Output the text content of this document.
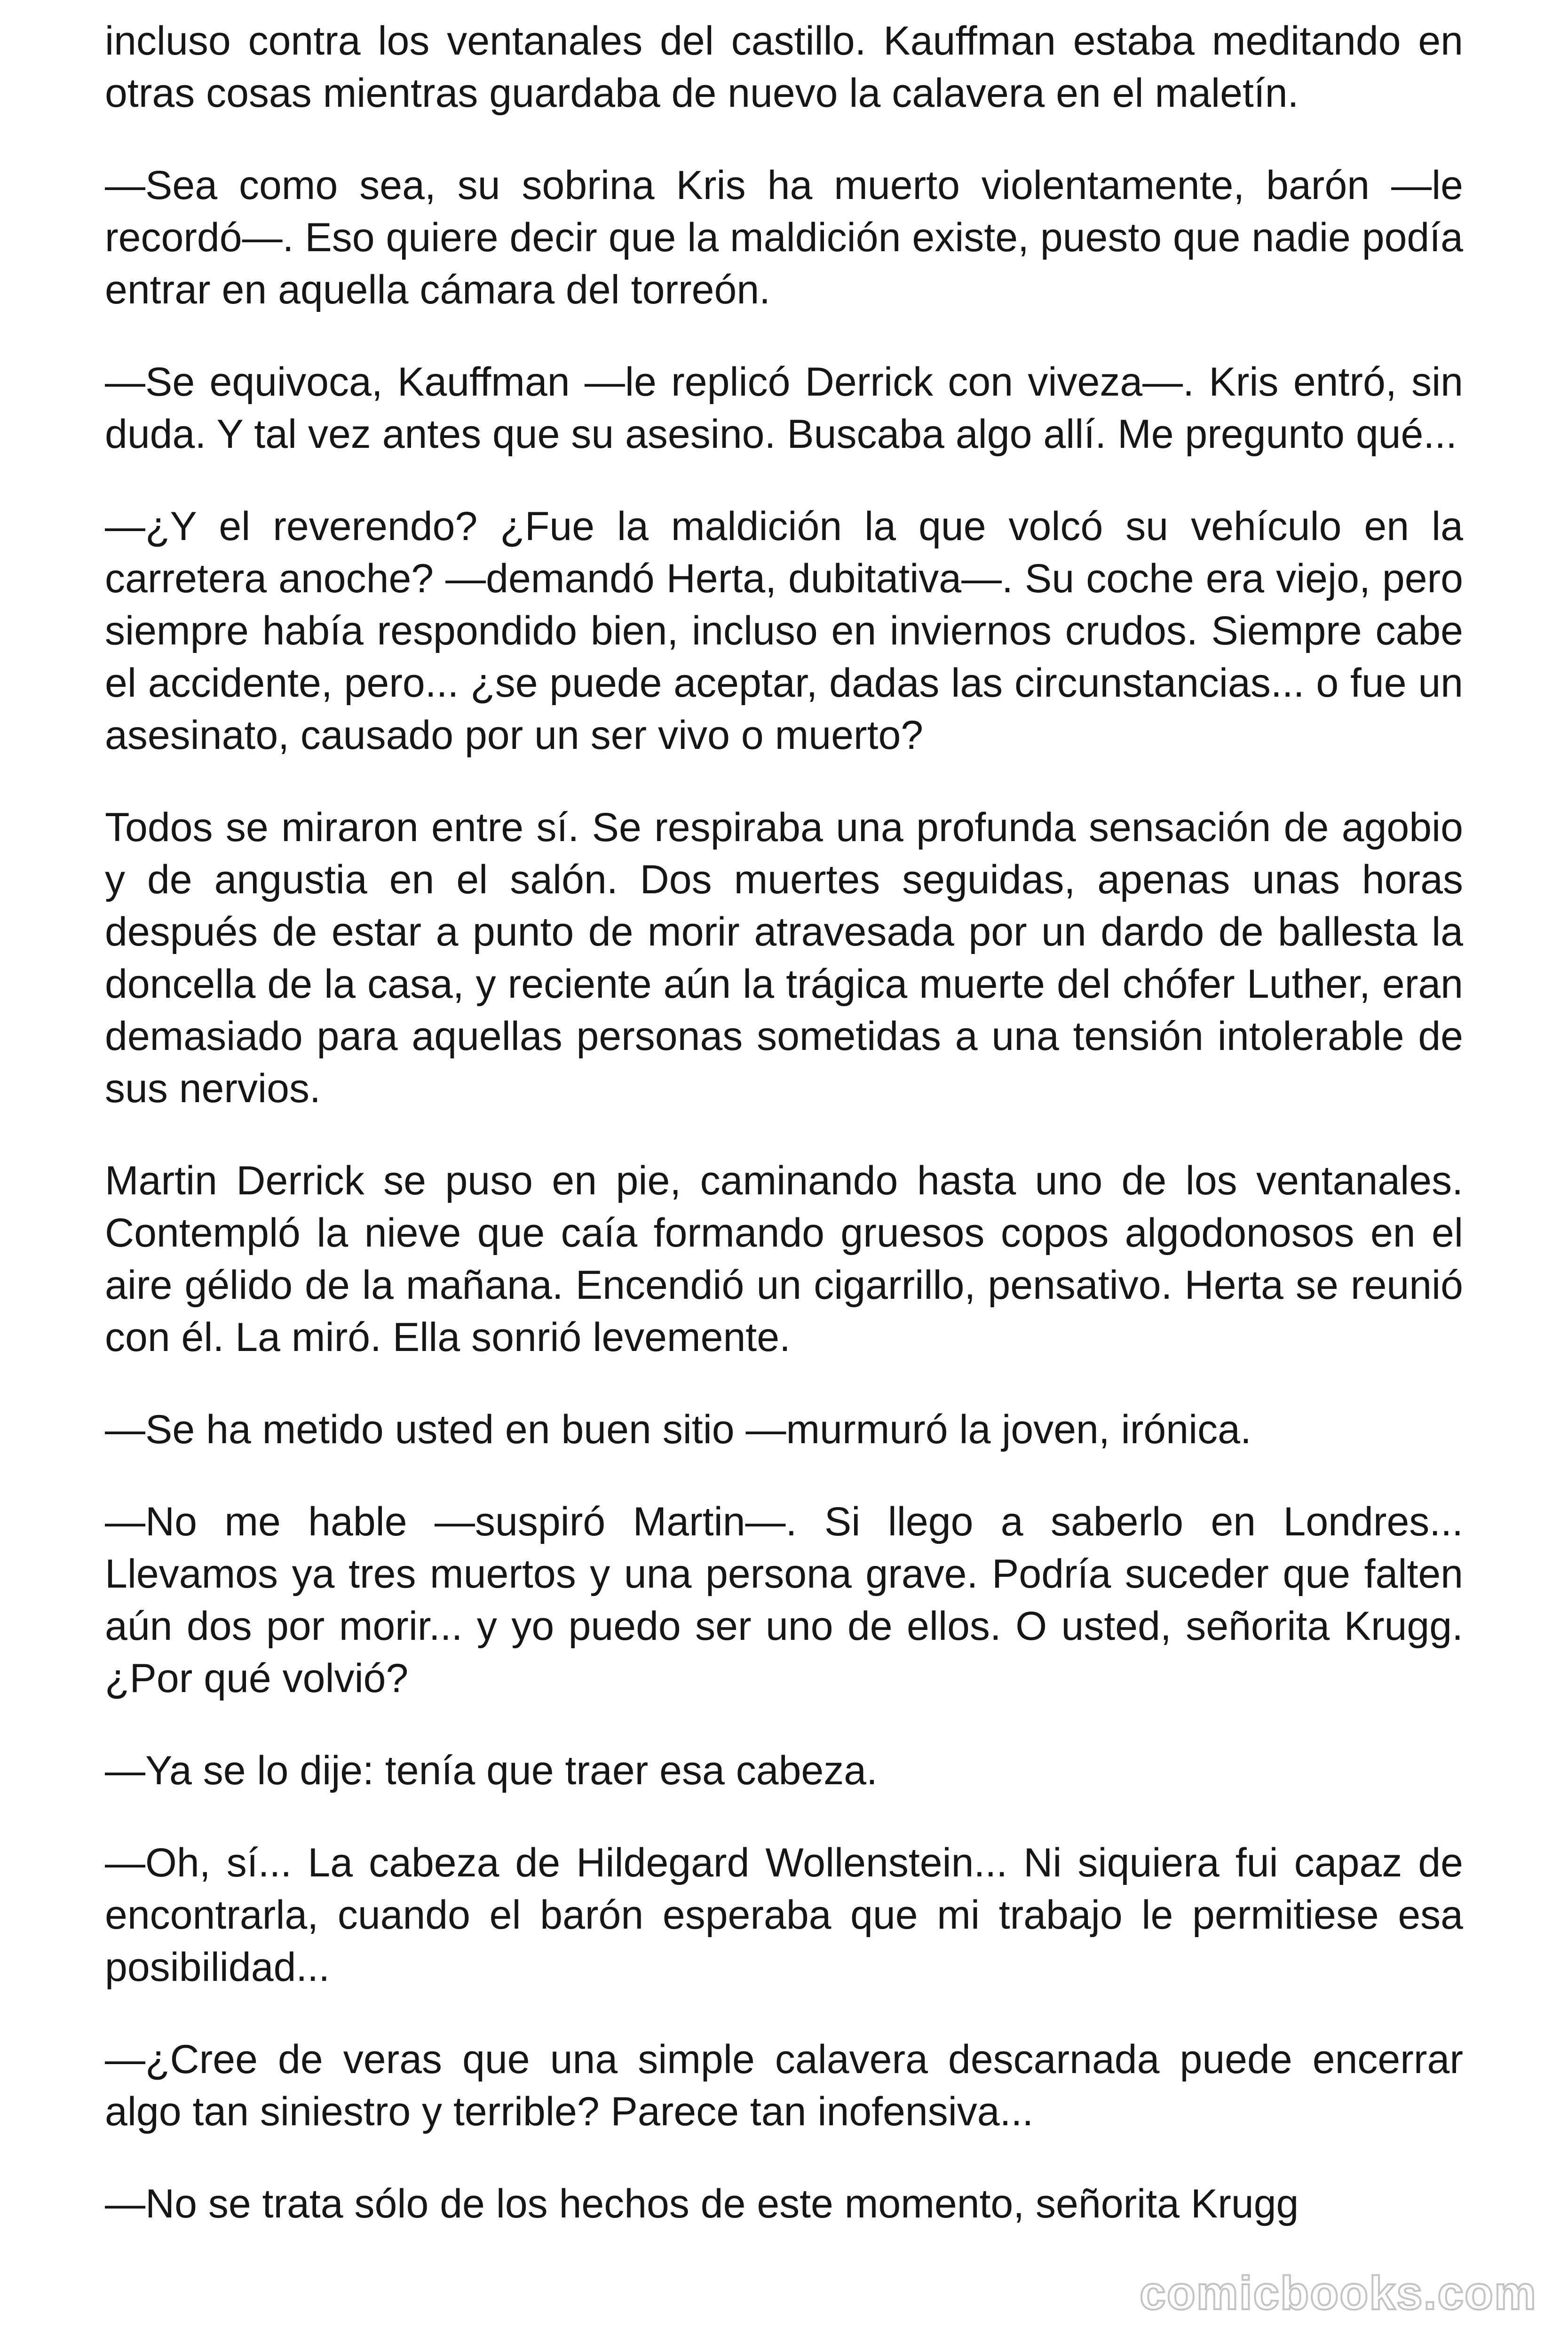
incluso contra los ventanales del castillo. Kauffman estaba meditando en otras cosas mientras guardaba de nuevo la calavera en el maletín.

—Sea como sea, su sobrina Kris ha muerto violentamente, barón —le recordó—. Eso quiere decir que la maldición existe, puesto que nadie podía entrar en aquella cámara del torreón.

—Se equivoca, Kauffman —le replicó Derrick con viveza—. Kris entró, sin duda. Y tal vez antes que su asesino. Buscaba algo allí. Me pregunto qué...

—¿Y el reverendo? ¿Fue la maldición la que volcó su vehículo en la carretera anoche? —demandó Herta, dubitativa—. Su coche era viejo, pero siempre había respondido bien, incluso en inviernos crudos. Siempre cabe el accidente, pero... ¿se puede aceptar, dadas las circunstancias... o fue un asesinato, causado por un ser vivo o muerto?

Todos se miraron entre sí. Se respiraba una profunda sensación de agobio y de angustia en el salón. Dos muertes seguidas, apenas unas horas después de estar a punto de morir atravesada por un dardo de ballesta la doncella de la casa, y reciente aún la trágica muerte del chófer Luther, eran demasiado para aquellas personas sometidas a una tensión intolerable de sus nervios.

Martin Derrick se puso en pie, caminando hasta uno de los ventanales. Contempló la nieve que caía formando gruesos copos algodonosos en el aire gélido de la mañana. Encendió un cigarrillo, pensativo. Herta se reunió con él. La miró. Ella sonrió levemente.

—Se ha metido usted en buen sitio —murmuró la joven, irónica.

—No me hable —suspiró Martin—. Si llego a saberlo en Londres... Llevamos ya tres muertos y una persona grave. Podría suceder que falten aún dos por morir... y yo puedo ser uno de ellos. O usted, señorita Krugg. ¿Por qué volvió?

—Ya se lo dije: tenía que traer esa cabeza.

—Oh, sí... La cabeza de Hildegard Wollenstein... Ni siquiera fui capaz de encontrarla, cuando el barón esperaba que mi trabajo le permitiese esa posibilidad...

—¿Cree de veras que una simple calavera descarnada puede encerrar algo tan siniestro y terrible? Parece tan inofensiva...

—No se trata sólo de los hechos de este momento, señorita Krugg

comicbooks.com
